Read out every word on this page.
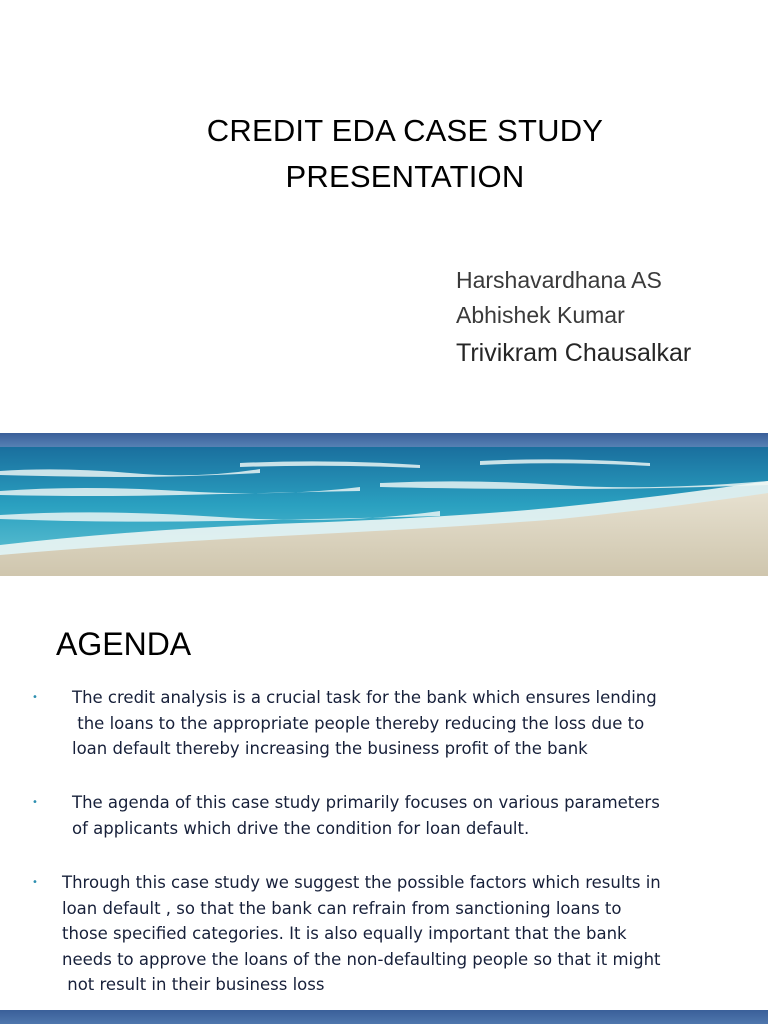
CREDIT EDA CASE STUDY
PRESENTATION
Harshavardhana AS
Abhishek Kumar
Trivikram Chausalkar
AGENDA
• The credit analysis is a crucial task for the bank which ensures lending
the loans to the appropriate people thereby reducing the loss due to
loan default thereby increasing the business profit of the bank
• The agenda of this case study primarily focuses on various parameters
of applicants which drive the condition for loan default.
• Through this case study we suggest the possible factors which results in
loan default , so that the bank can refrain from sanctioning loans to
those specified categories. It is also equally important that the bank
needs to approve the loans of the non-defaulting people so that it might
not result in their business loss
